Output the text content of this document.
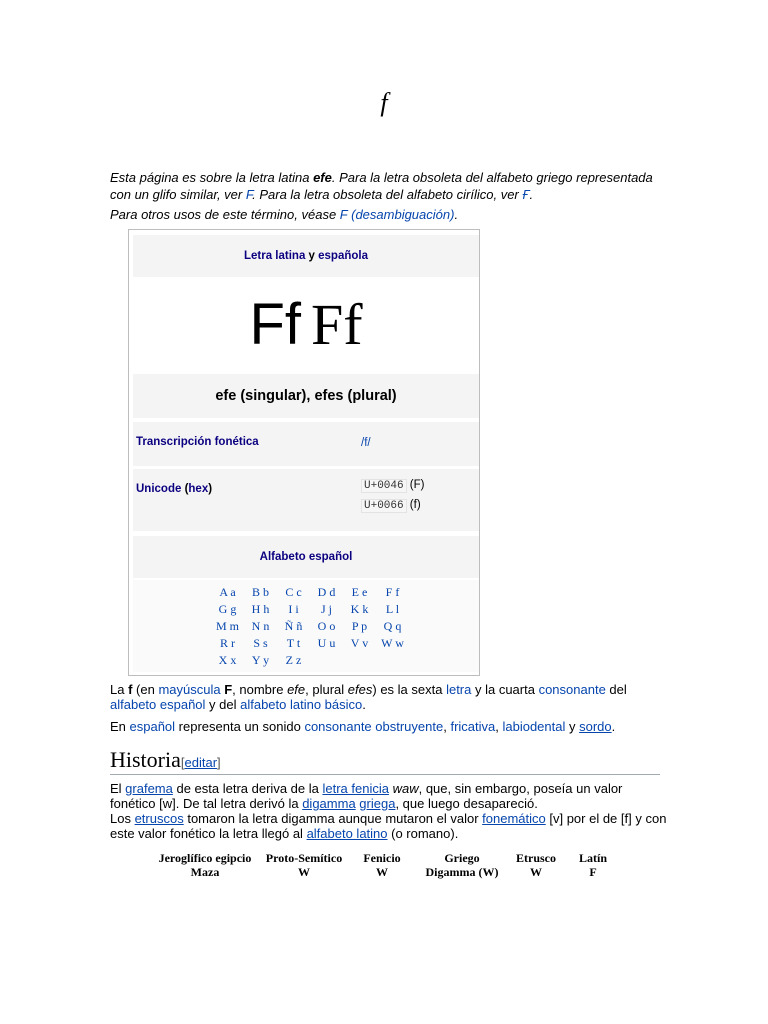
f
Esta página es sobre la letra latina efe. Para la letra obsoleta del alfabeto griego representada con un glifo similar, ver F. Para la letra obsoleta del alfabeto cirílico, ver Ғ.
Para otros usos de este término, véase F (desambiguación).
Letra latina y española
Ff Ff
efe (singular), efes (plural)
Transcripción fonética	/f/
Unicode (hex)	U+0046 (F)
U+0066 (f)
Alfabeto español
A a	B b	C c	D d	E e	F f
G g	H h	I i	J j	K k	L l
M m	N n	Ñ ñ	O o	P p	Q q
R r	S s	T t	U u	V v	W w
X x	Y y	Z z
La f (en mayúscula F, nombre efe, plural efes) es la sexta letra y la cuarta consonante del alfabeto español y del alfabeto latino básico.
En español representa un sonido consonante obstruyente, fricativa, labiodental y sordo.
Historia[editar]
El grafema de esta letra deriva de la letra fenicia waw, que, sin embargo, poseía un valor fonético [w]. De tal letra derivó la digamma griega, que luego desapareció.
Los etruscos tomaron la letra digamma aunque mutaron el valor fonemático [v] por el de [f] y con este valor fonético la letra llegó al alfabeto latino (o romano).
Jeroglífico egipcio	Proto-Semítico	Fenicio	Griego	Etrusco	Latín
Maza	W	W	Digamma (W)	W	F
